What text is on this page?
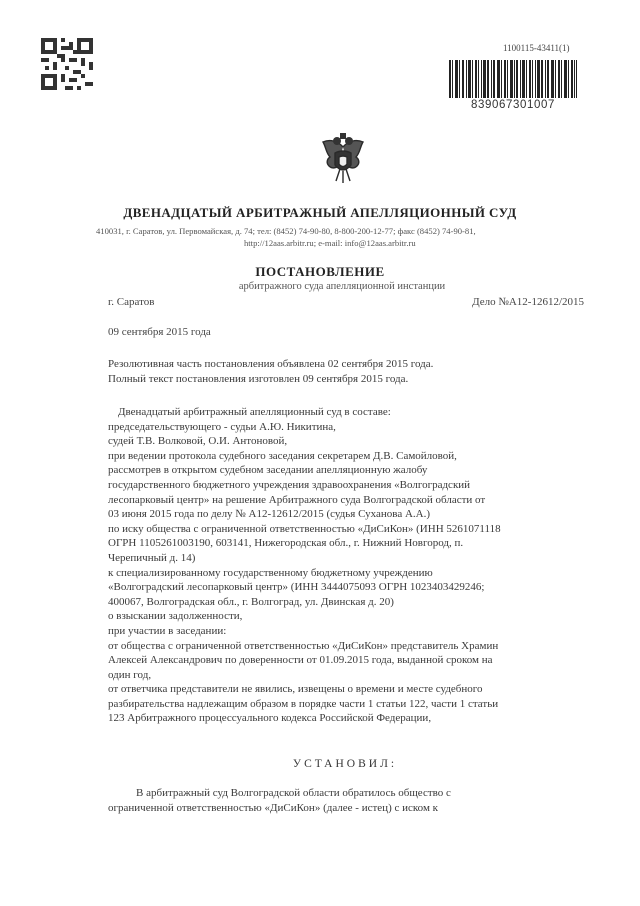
1100115-43411(1)
839067301007
ДВЕНАДЦАТЫЙ АРБИТРАЖНЫЙ АПЕЛЛЯЦИОННЫЙ СУД
410031, г. Саратов, ул. Первомайская, д. 74; тел: (8452) 74-90-80, 8-800-200-12-77; факс (8452) 74-90-81,
http://12aas.arbitr.ru; e-mail: info@12aas.arbitr.ru
ПОСТАНОВЛЕНИЕ
арбитражного суда апелляционной инстанции
г. Саратов	Дело №А12-12612/2015
09 сентября 2015 года
Резолютивная часть постановления объявлена 02 сентября 2015 года.
Полный текст постановления изготовлен 09 сентября 2015 года.
Двенадцатый арбитражный апелляционный суд в составе:
председательствующего - судьи А.Ю. Никитина,
судей Т.В. Волковой, О.И. Антоновой,
при ведении протокола судебного заседания секретарем Д.В. Самойловой,
рассмотрев в открытом судебном заседании апелляционную жалобу
государственного бюджетного учреждения здравоохранения «Волгоградский
лесопарковый центр» на решение Арбитражного суда Волгоградской области от
03 июня 2015 года по делу № А12-12612/2015 (судья Суханова А.А.)
по иску общества с ограниченной ответственностью «ДиСиКон» (ИНН 5261071118
ОГРН 1105261003190, 603141, Нижегородская обл., г. Нижний Новгород, п.
Черепичный д. 14)
к специализированному государственному бюджетному учреждению
«Волгоградский лесопарковый центр» (ИНН 3444075093 ОГРН 1023403429246;
400067, Волгоградская обл., г. Волгоград, ул. Двинская д. 20)
о взыскании задолженности,
при участии в заседании:
от общества с ограниченной ответственностью «ДиСиКон» представитель Храмин
Алексей Александрович по доверенности от 01.09.2015 года, выданной сроком на
один год,
от ответчика представители не явились, извещены о времени и месте судебного
разбирательства надлежащим образом в порядке части 1 статьи 122, части 1 статьи
123 Арбитражного процессуального кодекса Российской Федерации,
УСТАНОВИЛ:
В арбитражный суд Волгоградской области обратилось общество с
ограниченной ответственностью «ДиСиКон» (далее - истец) с иском к
